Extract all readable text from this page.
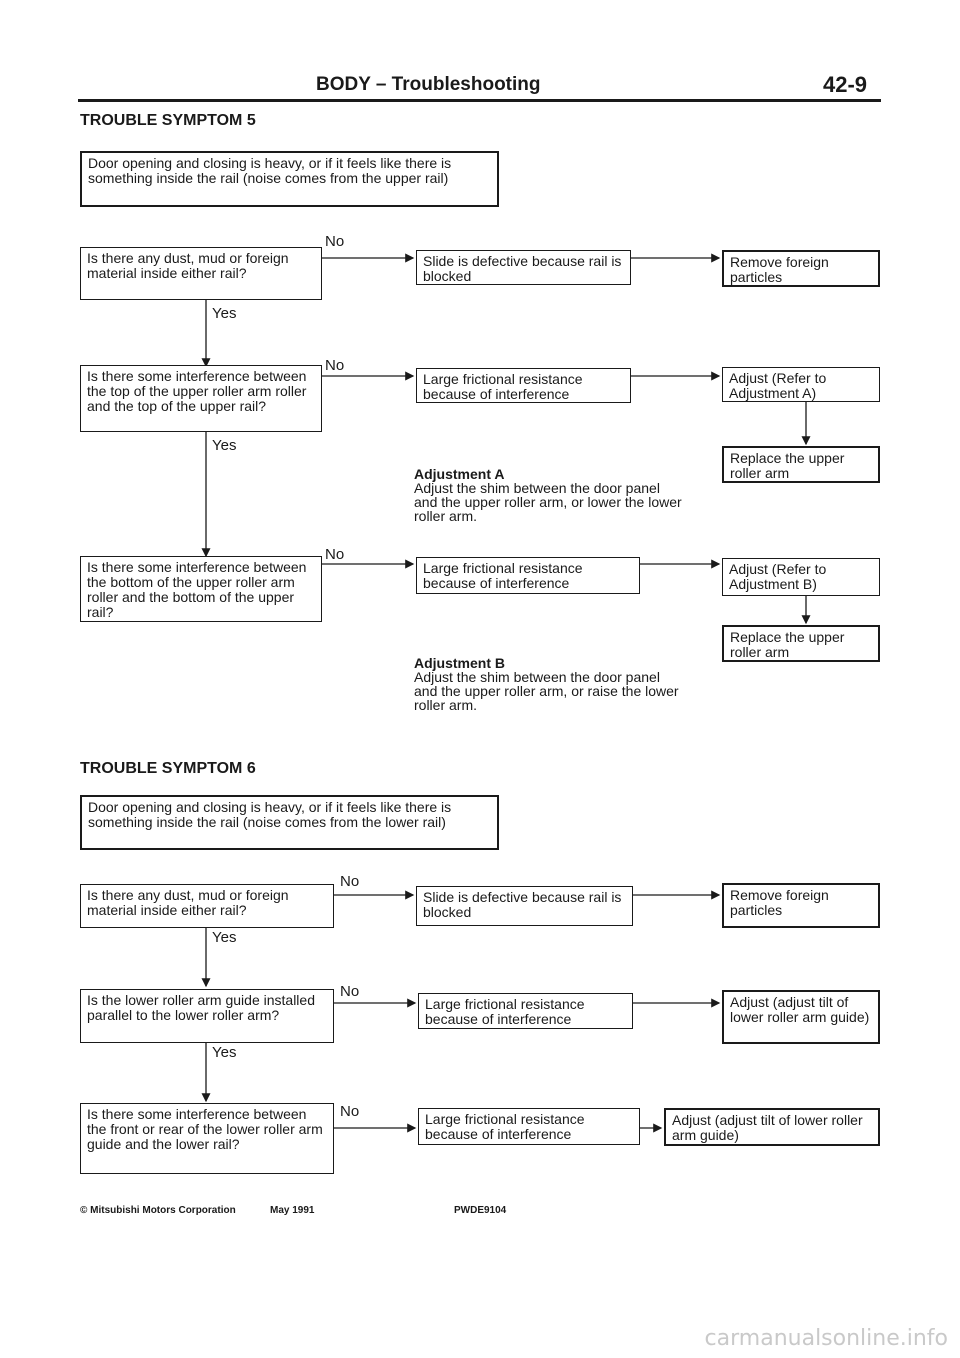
BODY – Troubleshooting	42-9
TROUBLE SYMPTOM 5
Door opening and closing is heavy, or if it feels like there is something inside the rail (noise comes from the upper rail)
Is there any dust, mud or foreign material inside either rail?
Is there some interference between the top of the upper roller arm roller and the top of the upper rail?
Is there some interference between the bottom of the upper roller arm roller and the bottom of the upper rail?
Slide is defective because rail is blocked
Large frictional resistance because of interference
Large frictional resistance because of interference
Remove foreign particles
Adjust (Refer to Adjustment A)
Replace the upper roller arm
Adjust (Refer to Adjustment B)
Replace the upper roller arm
No
Yes
No
Yes
No
Adjustment A
Adjust the shim between the door panel and the upper roller arm, or lower the lower roller arm.
Adjustment B
Adjust the shim between the door panel and the upper roller arm, or raise the lower roller arm.
TROUBLE SYMPTOM 6
Door opening and closing is heavy, or if it feels like there is something inside the rail (noise comes from the lower rail)
Is there any dust, mud or foreign material inside either rail?
Is the lower roller arm guide installed parallel to the lower roller arm?
Is there some interference between the front or rear of the lower roller arm guide and the lower rail?
Slide is defective because rail is blocked
Large frictional resistance because of interference
Large frictional resistance because of interference
Remove foreign particles
Adjust (adjust tilt of lower roller arm guide)
Adjust (adjust tilt of lower roller arm guide)
No
Yes
No
Yes
No
© Mitsubishi Motors Corporation	May 1991	PWDE9104
carmanualsonline.info
